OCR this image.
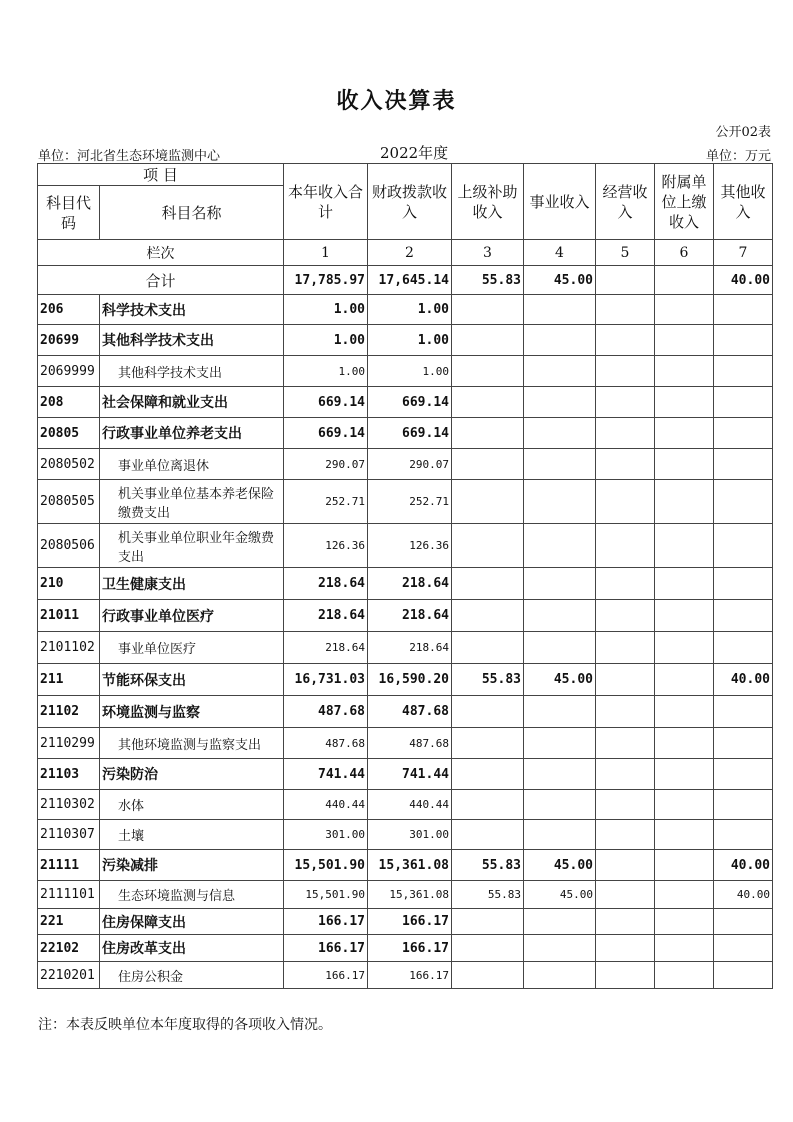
收入决算表
公开02表
单位：河北省生态环境监测中心	2022年度	单位：万元
项 目		本年收入合计	财政拨款收入	上级补助收入	事业收入	经营收入	附属单位上缴收入	其他收入
科目代码	科目名称							
栏次		1	2	3	4	5	6	7
合计		17,785.97	17,645.14	55.83	45.00			40.00
206	科学技术支出	1.00	1.00					
20699	其他科学技术支出	1.00	1.00					
2069999	其他科学技术支出	1.00	1.00					
208	社会保障和就业支出	669.14	669.14					
20805	行政事业单位养老支出	669.14	669.14					
2080502	事业单位离退休	290.07	290.07					
2080505	机关事业单位基本养老保险缴费支出	252.71	252.71					
2080506	机关事业单位职业年金缴费支出	126.36	126.36					
210	卫生健康支出	218.64	218.64					
21011	行政事业单位医疗	218.64	218.64					
2101102	事业单位医疗	218.64	218.64					
211	节能环保支出	16,731.03	16,590.20	55.83	45.00			40.00
21102	环境监测与监察	487.68	487.68					
2110299	其他环境监测与监察支出	487.68	487.68					
21103	污染防治	741.44	741.44					
2110302	水体	440.44	440.44					
2110307	土壤	301.00	301.00					
21111	污染减排	15,501.90	15,361.08	55.83	45.00			40.00
2111101	生态环境监测与信息	15,501.90	15,361.08	55.83	45.00			40.00
221	住房保障支出	166.17	166.17					
22102	住房改革支出	166.17	166.17					
2210201	住房公积金	166.17	166.17					
注：本表反映单位本年度取得的各项收入情况。
